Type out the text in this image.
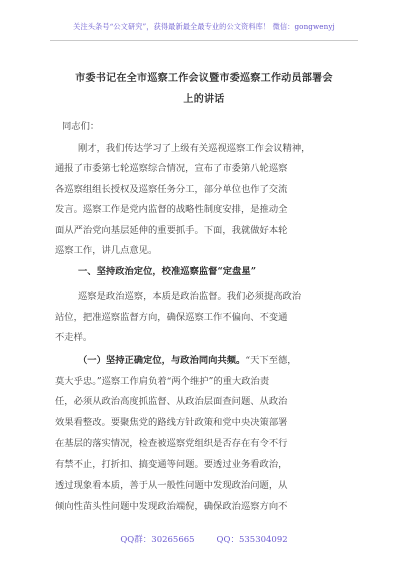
关注头条号“公文研究”，获得最新最全最专业的公文资料库！ 微信：gongwenyj
市委书记在全市巡察工作会议暨市委巡察工作动员部署会
上的讲话
同志们：
刚才，我们传达学习了上级有关巡视巡察工作会议精神，
通报了市委第七轮巡察综合情况，宣布了市委第八轮巡察
各巡察组组长授权及巡察任务分工，部分单位也作了交流
发言。巡察工作是党内监督的战略性制度安排，是推动全
面从严治党向基层延伸的重要抓手。下面，我就做好本轮
巡察工作，讲几点意见。
一、坚持政治定位，校准巡察监督“定盘星”
巡察是政治巡察，本质是政治监督。我们必须提高政治
站位，把准巡察监督方向，确保巡察工作不偏向、不变通
不走样。
（一）坚持正确定位，与政治同向共频。“天下至德，
莫大乎忠。”巡察工作肩负着“两个维护”的重大政治责
任，必须从政治高度抓监督、从政治层面查问题、从政治
效果看整改。要聚焦党的路线方针政策和党中央决策部署
在基层的落实情况，检查被巡察党组织是否存在有令不行
有禁不止，打折扣、搞变通等问题。要透过业务看政治，
透过现象看本质，善于从一般性问题中发现政治问题，从
倾向性苗头性问题中发现政治端倪，确保政治巡察方向不
QQ群：30265665	QQ：535304092
